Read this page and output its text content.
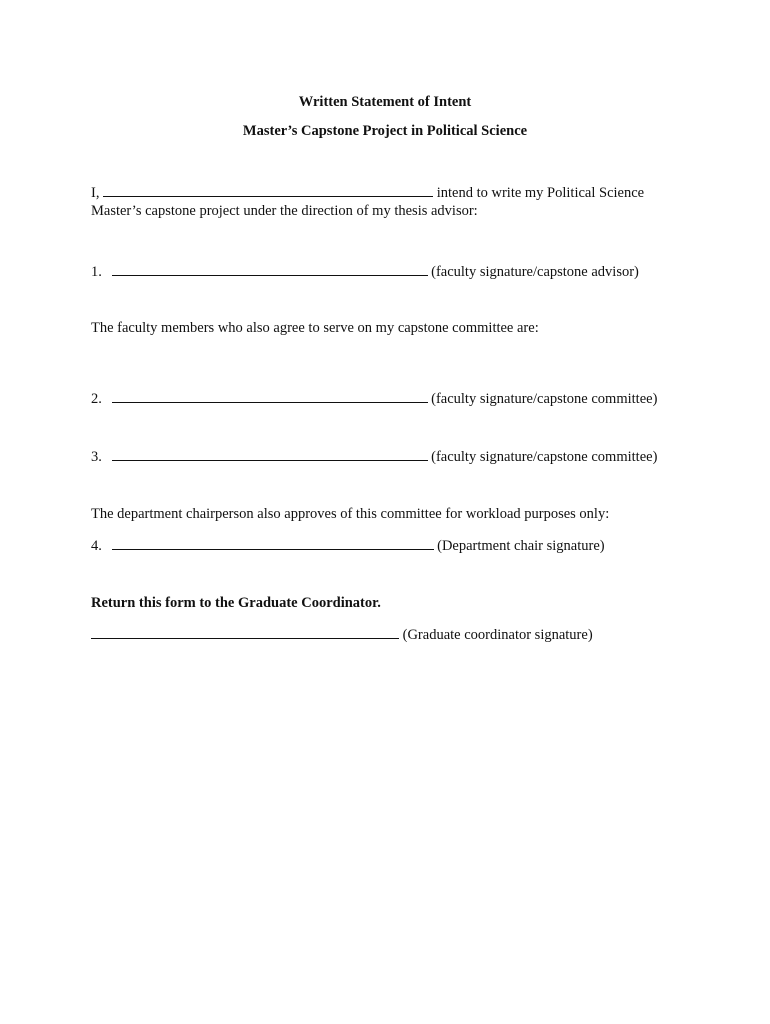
Written Statement of Intent
Master’s Capstone Project in Political Science
I,	intend to write my Political Science
Master’s capstone project under the direction of my thesis advisor:
1.	(faculty signature/capstone advisor)
The faculty members who also agree to serve on my capstone committee are:
2.	(faculty signature/capstone committee)
3.	(faculty signature/capstone committee)
The department chairperson also approves of this committee for workload purposes only:
4.	(Department chair signature)
Return this form to the Graduate Coordinator.
(Graduate coordinator signature)
